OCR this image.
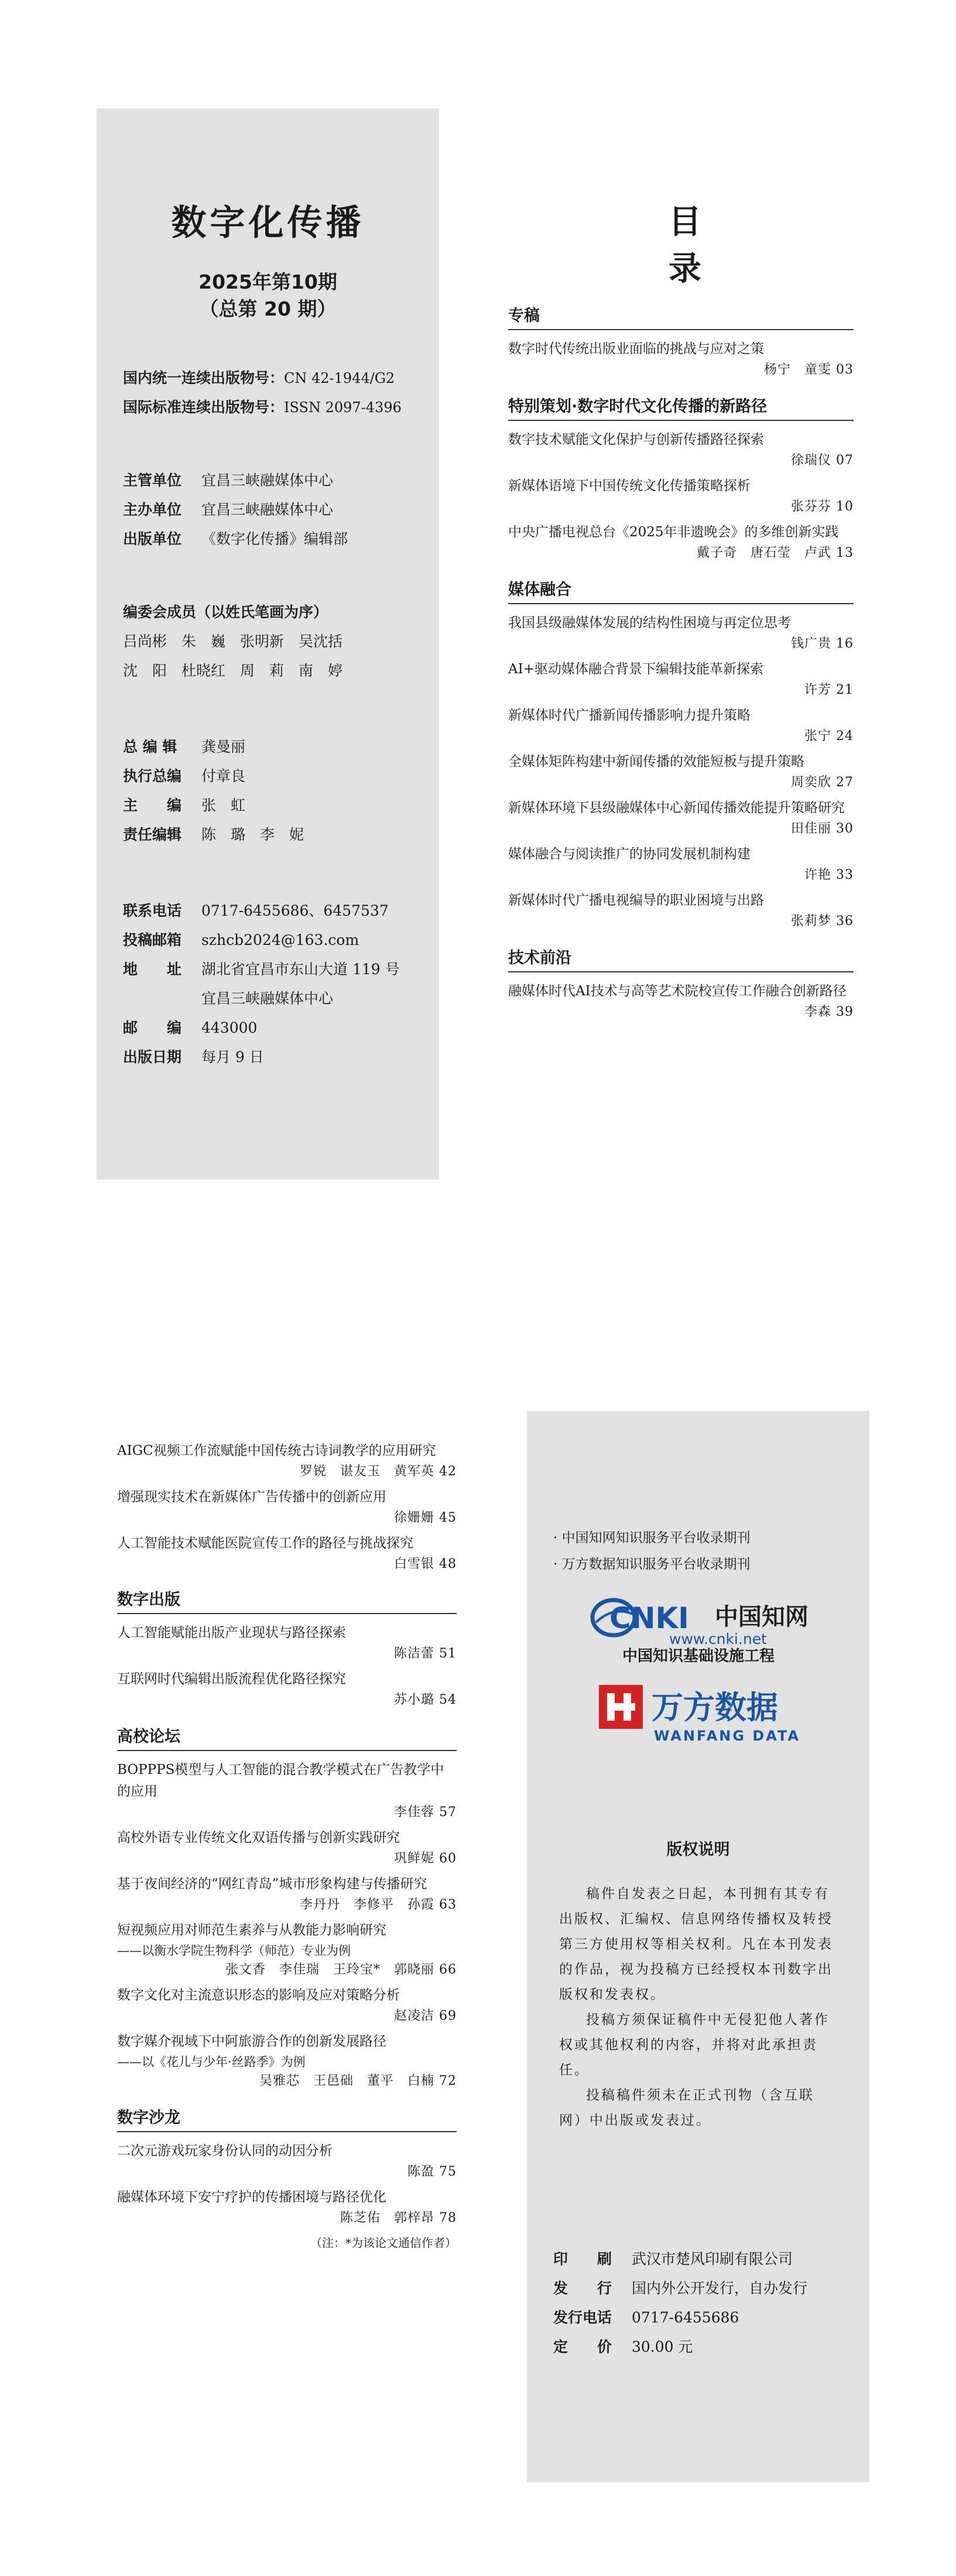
数字化传播
2025年第10期
（总第 20 期）
国内统一连续出版物号： CN 42-1944/G2
国际标准连续出版物号： ISSN 2097-4396
主管单位	宜昌三峡融媒体中心
主办单位	宜昌三峡融媒体中心
出版单位	《数字化传播》编辑部
编委会成员（以姓氏笔画为序）
吕尚彬　朱　巍　张明新　吴沈括
沈　阳　杜晓红　周　莉　南　婷
总 编 辑	龚曼丽
执行总编	付章良
主　　编	张　虹
责任编辑	陈　璐　李　妮
联系电话	0717-6455686、6457537
投稿邮箱	szhcb2024@163.com
地　　址	湖北省宜昌市东山大道 119 号
宜昌三峡融媒体中心
邮　　编	443000
出版日期	每月 9 日
目　录
专稿
数字时代传统出版业面临的挑战与应对之策
杨宁　童雯 03
特别策划·数字时代文化传播的新路径
数字技术赋能文化保护与创新传播路径探索
徐瑞仪 07
新媒体语境下中国传统文化传播策略探析
张芬芬 10
中央广播电视总台《2025年非遗晚会》的多维创新实践
戴子奇　唐石莹　卢武 13
媒体融合
我国县级融媒体发展的结构性困境与再定位思考
钱广贵 16
AI+驱动媒体融合背景下编辑技能革新探索
许芳 21
新媒体时代广播新闻传播影响力提升策略
张宁 24
全媒体矩阵构建中新闻传播的效能短板与提升策略
周奕欣 27
新媒体环境下县级融媒体中心新闻传播效能提升策略研究
田佳丽 30
媒体融合与阅读推广的协同发展机制构建
许艳 33
新媒体时代广播电视编导的职业困境与出路
张莉梦 36
技术前沿
融媒体时代AI技术与高等艺术院校宣传工作融合创新路径
李森 39
AIGC视频工作流赋能中国传统古诗词教学的应用研究
罗锐　谌友玉　黄军英 42
增强现实技术在新媒体广告传播中的创新应用
徐姗姗 45
人工智能技术赋能医院宣传工作的路径与挑战探究
白雪银 48
数字出版
人工智能赋能出版产业现状与路径探索
陈洁蕾 51
互联网时代编辑出版流程优化路径探究
苏小璐 54
高校论坛
BOPPPS模型与人工智能的混合教学模式在广告教学中的应用
李佳蓉 57
高校外语专业传统文化双语传播与创新实践研究
巩鲜妮 60
基于夜间经济的“网红青岛”城市形象构建与传播研究
李丹丹　李修平　孙霞 63
短视频应用对师范生素养与从教能力影响研究
——以衡水学院生物科学（师范）专业为例
张文香　李佳瑞　王玲宝*　郭晓丽 66
数字文化对主流意识形态的影响及应对策略分析
赵凌洁 69
数字媒介视域下中阿旅游合作的创新发展路径
——以《花儿与少年·丝路季》为例
吴雅芯　王邑础　董平　白楠 72
数字沙龙
二次元游戏玩家身份认同的动因分析
陈盈 75
融媒体环境下安宁疗护的传播困境与路径优化
陈芝佑　郭梓昂 78
（注：*为该论文通信作者）
· 中国知网知识服务平台收录期刊
· 万方数据知识服务平台收录期刊
CNKI 中国知网
www.cnki.net
中国知识基础设施工程
万方数据
WANFANG DATA
版权说明

稿件自发表之日起，本刊拥有其专有出版权、汇编权、信息网络传播权及转授第三方使用权等相关权利。凡在本刊发表的作品，视为投稿方已经授权本刊数字出版权和发表权。

投稿方须保证稿件中无侵犯他人著作权或其他权利的内容，并将对此承担责任。

投稿稿件须未在正式刊物（含互联网）中出版或发表过。

印　　刷	武汉市楚风印刷有限公司
发　　行	国内外公开发行，自办发行
发行电话	0717-6455686
定　　价	30.00 元
